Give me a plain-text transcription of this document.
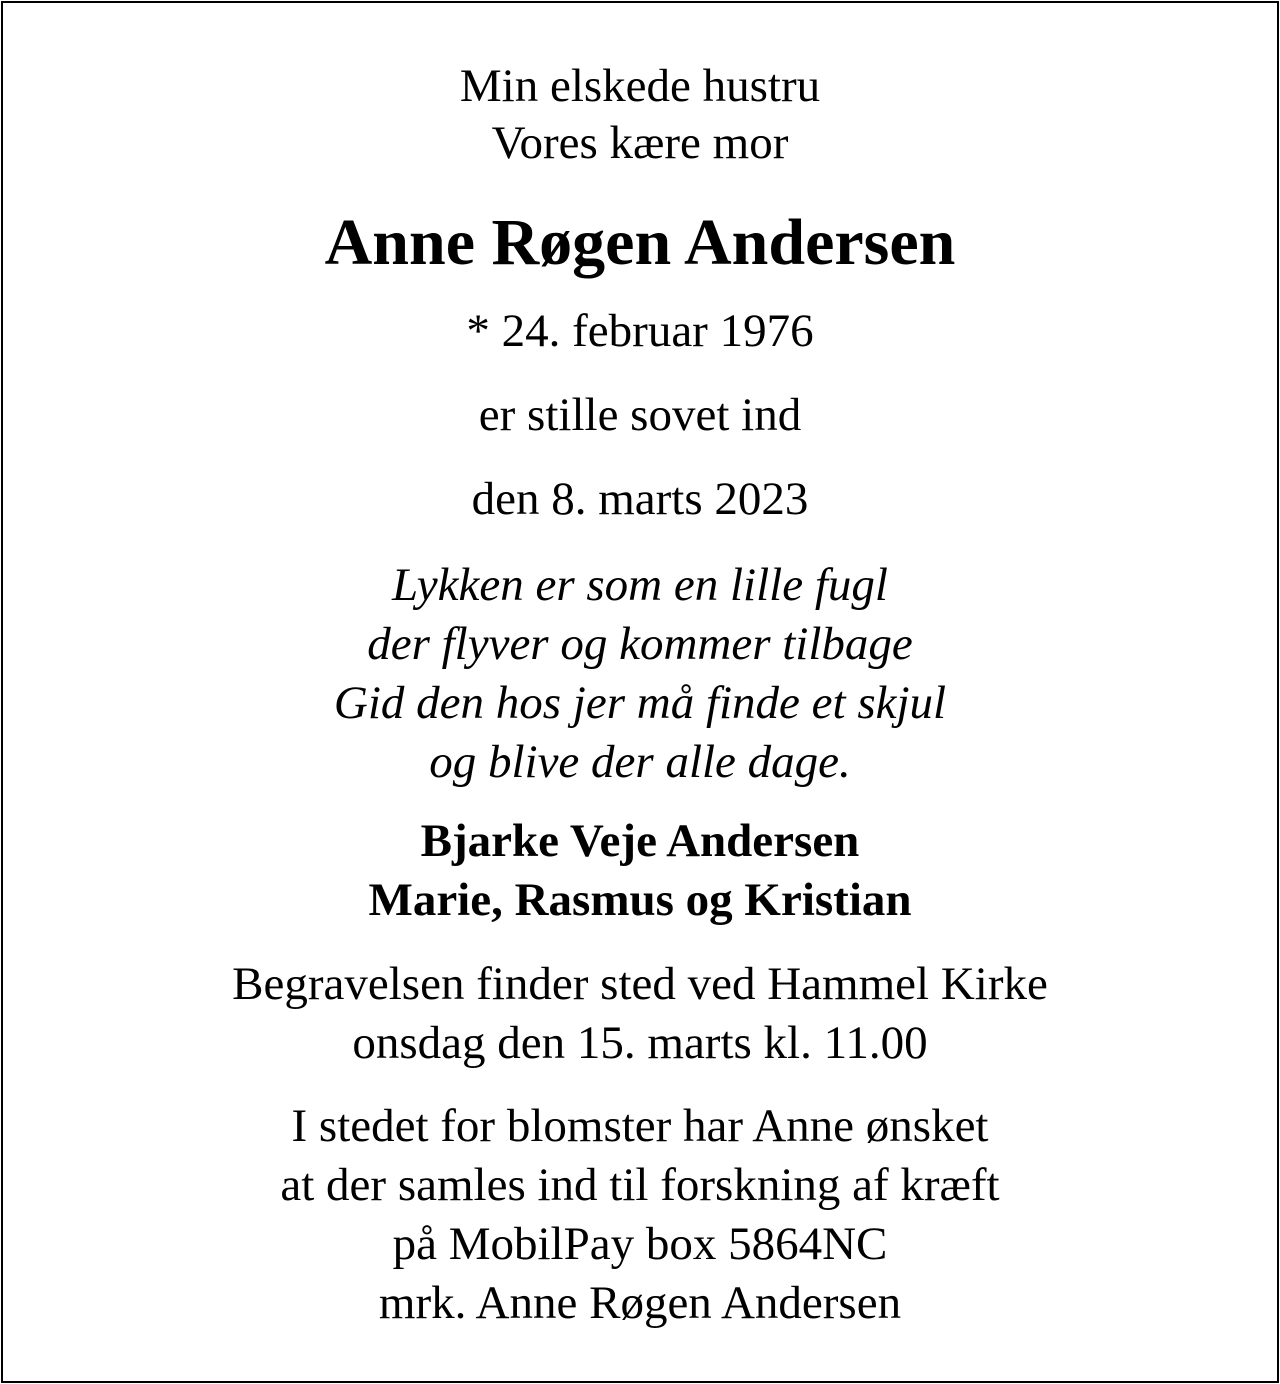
Min elskede hustru
Vores kære mor
Anne Røgen Andersen
* 24. februar 1976
er stille sovet ind
den 8. marts 2023
Lykken er som en lille fugl
der flyver og kommer tilbage
Gid den hos jer må finde et skjul
og blive der alle dage.
Bjarke Veje Andersen
Marie, Rasmus og Kristian
Begravelsen finder sted ved Hammel Kirke
onsdag den 15. marts kl. 11.00
I stedet for blomster har Anne ønsket
at der samles ind til forskning af kræft
på MobilPay box 5864NC
mrk. Anne Røgen Andersen
